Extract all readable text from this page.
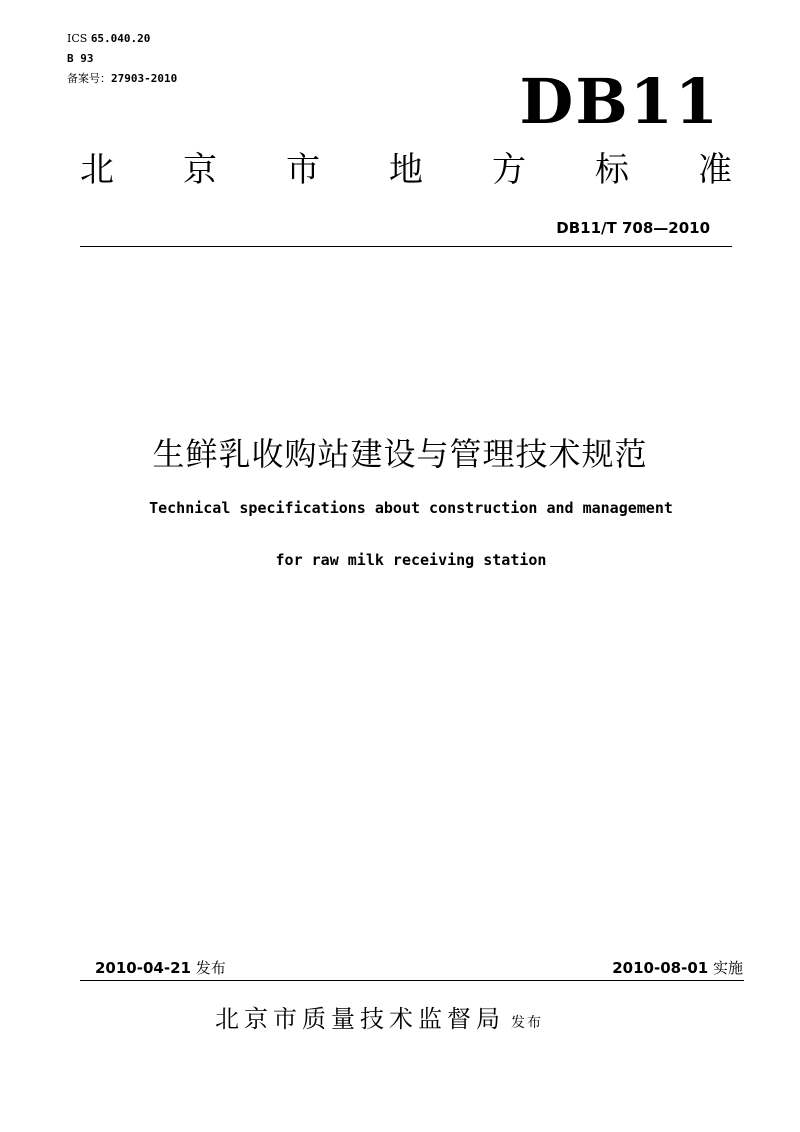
ICS 65.040.20
B 93
备案号：27903-2010	DB11
北 京 市 地 方 标 准
DB11/T 708—2010
生鲜乳收购站建设与管理技术规范
Technical specifications about construction and management
for raw milk receiving station
2010-04-21 发布	2010-08-01 实施
北京市质量技术监督局 发布
